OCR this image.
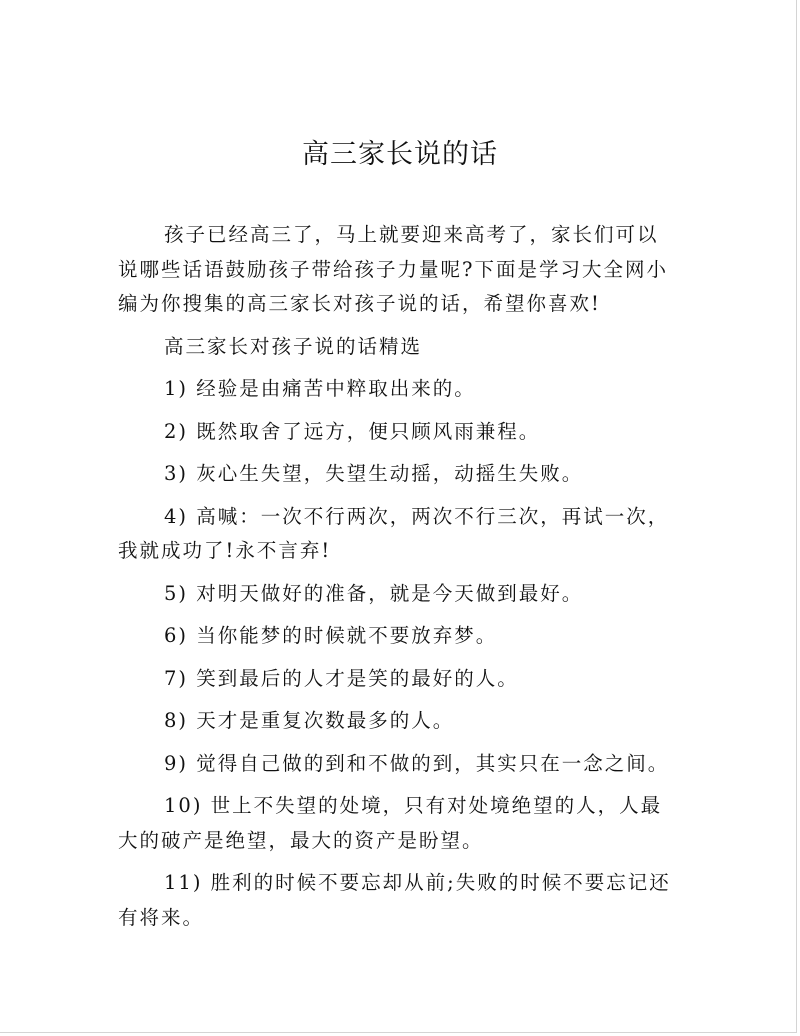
高三家长说的话

孩子已经高三了，马上就要迎来高考了，家长们可以说哪些话语鼓励孩子带给孩子力量呢?下面是学习大全网小编为你搜集的高三家长对孩子说的话，希望你喜欢!

高三家长对孩子说的话精选

1) 经验是由痛苦中粹取出来的。

2) 既然取舍了远方，便只顾风雨兼程。

3) 灰心生失望，失望生动摇，动摇生失败。

4) 高喊：一次不行两次，两次不行三次，再试一次，我就成功了!永不言弃!

5) 对明天做好的准备，就是今天做到最好。

6) 当你能梦的时候就不要放弃梦。

7) 笑到最后的人才是笑的最好的人。

8) 天才是重复次数最多的人。

9) 觉得自己做的到和不做的到，其实只在一念之间。

10) 世上不失望的处境，只有对处境绝望的人，人最大的破产是绝望，最大的资产是盼望。

11) 胜利的时候不要忘却从前;失败的时候不要忘记还有将来。
